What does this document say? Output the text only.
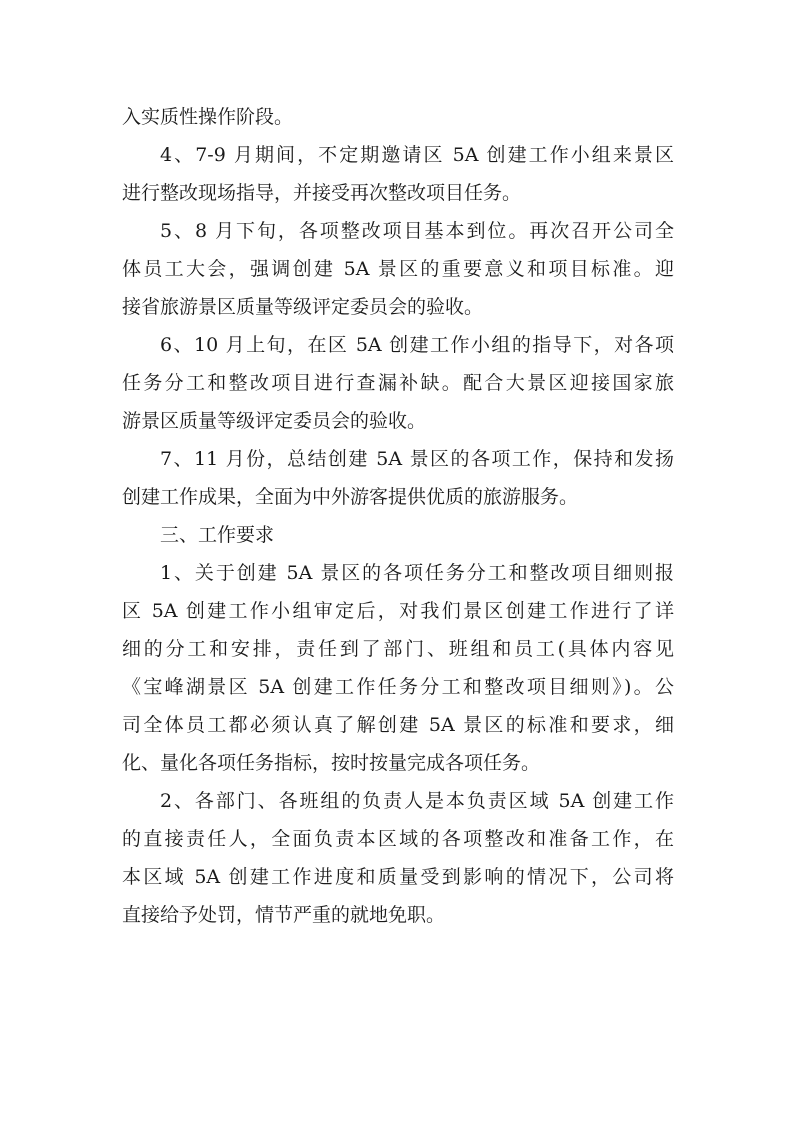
入实质性操作阶段。
4、7-9 月期间，不定期邀请区 5A 创建工作小组来景区
进行整改现场指导，并接受再次整改项目任务。
5、8 月下旬，各项整改项目基本到位。再次召开公司全
体员工大会，强调创建 5A 景区的重要意义和项目标准。迎
接省旅游景区质量等级评定委员会的验收。
6、10 月上旬，在区 5A 创建工作小组的指导下，对各项
任务分工和整改项目进行查漏补缺。配合大景区迎接国家旅
游景区质量等级评定委员会的验收。
7、11 月份，总结创建 5A 景区的各项工作，保持和发扬
创建工作成果，全面为中外游客提供优质的旅游服务。
三、工作要求
1、关于创建 5A 景区的各项任务分工和整改项目细则报
区 5A 创建工作小组审定后，对我们景区创建工作进行了详
细的分工和安排，责任到了部门、班组和员工(具体内容见
《宝峰湖景区 5A 创建工作任务分工和整改项目细则》)。公
司全体员工都必须认真了解创建 5A 景区的标准和要求，细
化、量化各项任务指标，按时按量完成各项任务。
2、各部门、各班组的负责人是本负责区域 5A 创建工作
的直接责任人，全面负责本区域的各项整改和准备工作，在
本区域 5A 创建工作进度和质量受到影响的情况下，公司将
直接给予处罚，情节严重的就地免职。
